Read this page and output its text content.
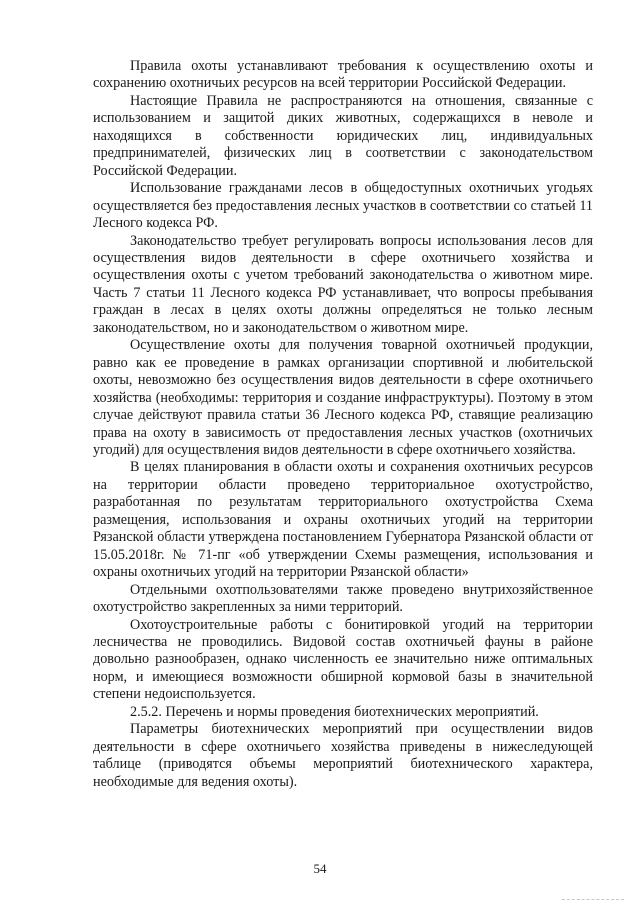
Правила охоты устанавливают требования к осуществлению охоты и сохранению охотничьих ресурсов на всей территории Российской Федерации.

Настоящие Правила не распространяются на отношения, связанные с использованием и защитой диких животных, содержащихся в неволе и находящихся в собственности юридических лиц, индивидуальных предпринимателей, физических лиц в соответствии с законодательством Российской Федерации.

Использование гражданами лесов в общедоступных охотничьих угодьях осуществляется без предоставления лесных участков в соответствии со статьей 11 Лесного кодекса РФ.

Законодательство требует регулировать вопросы использования лесов для осуществления видов деятельности в сфере охотничьего хозяйства и осуществления охоты с учетом требований законодательства о животном мире. Часть 7 статьи 11 Лесного кодекса РФ устанавливает, что вопросы пребывания граждан в лесах в целях охоты должны определяться не только лесным законодательством, но и законодательством о животном мире.

Осуществление охоты для получения товарной охотничьей продукции, равно как ее проведение в рамках организации спортивной и любительской охоты, невозможно без осуществления видов деятельности в сфере охотничьего хозяйства (необходимы: территория и создание инфраструктуры). Поэтому в этом случае действуют правила статьи 36 Лесного кодекса РФ, ставящие реализацию права на охоту в зависимость от предоставления лесных участков (охотничьих угодий) для осуществления видов деятельности в сфере охотничьего хозяйства.

В целях планирования в области охоты и сохранения охотничьих ресурсов на территории области проведено территориальное охотустройство, разработанная по результатам территориального охотустройства Схема размещения, использования и охраны охотничьих угодий на территории Рязанской области утверждена постановлением Губернатора Рязанской области от 15.05.2018г. № 71-пг «об утверждении Схемы размещения, использования и охраны охотничьих угодий на территории Рязанской области»

Отдельными охотпользователями также проведено внутрихозяйственное охотустройство закрепленных за ними территорий.

Охотоустроительные работы с бонитировкой угодий на территории лесничества не проводились. Видовой состав охотничьей фауны в районе довольно разнообразен, однако численность ее значительно ниже оптимальных норм, и имеющиеся возможности обширной кормовой базы в значительной степени недоиспользуется.

2.5.2. Перечень и нормы проведения биотехнических мероприятий.

Параметры биотехнических мероприятий при осуществлении видов деятельности в сфере охотничьего хозяйства приведены в нижеследующей таблице (приводятся объемы мероприятий биотехнического характера, необходимые для ведения охоты).

54
